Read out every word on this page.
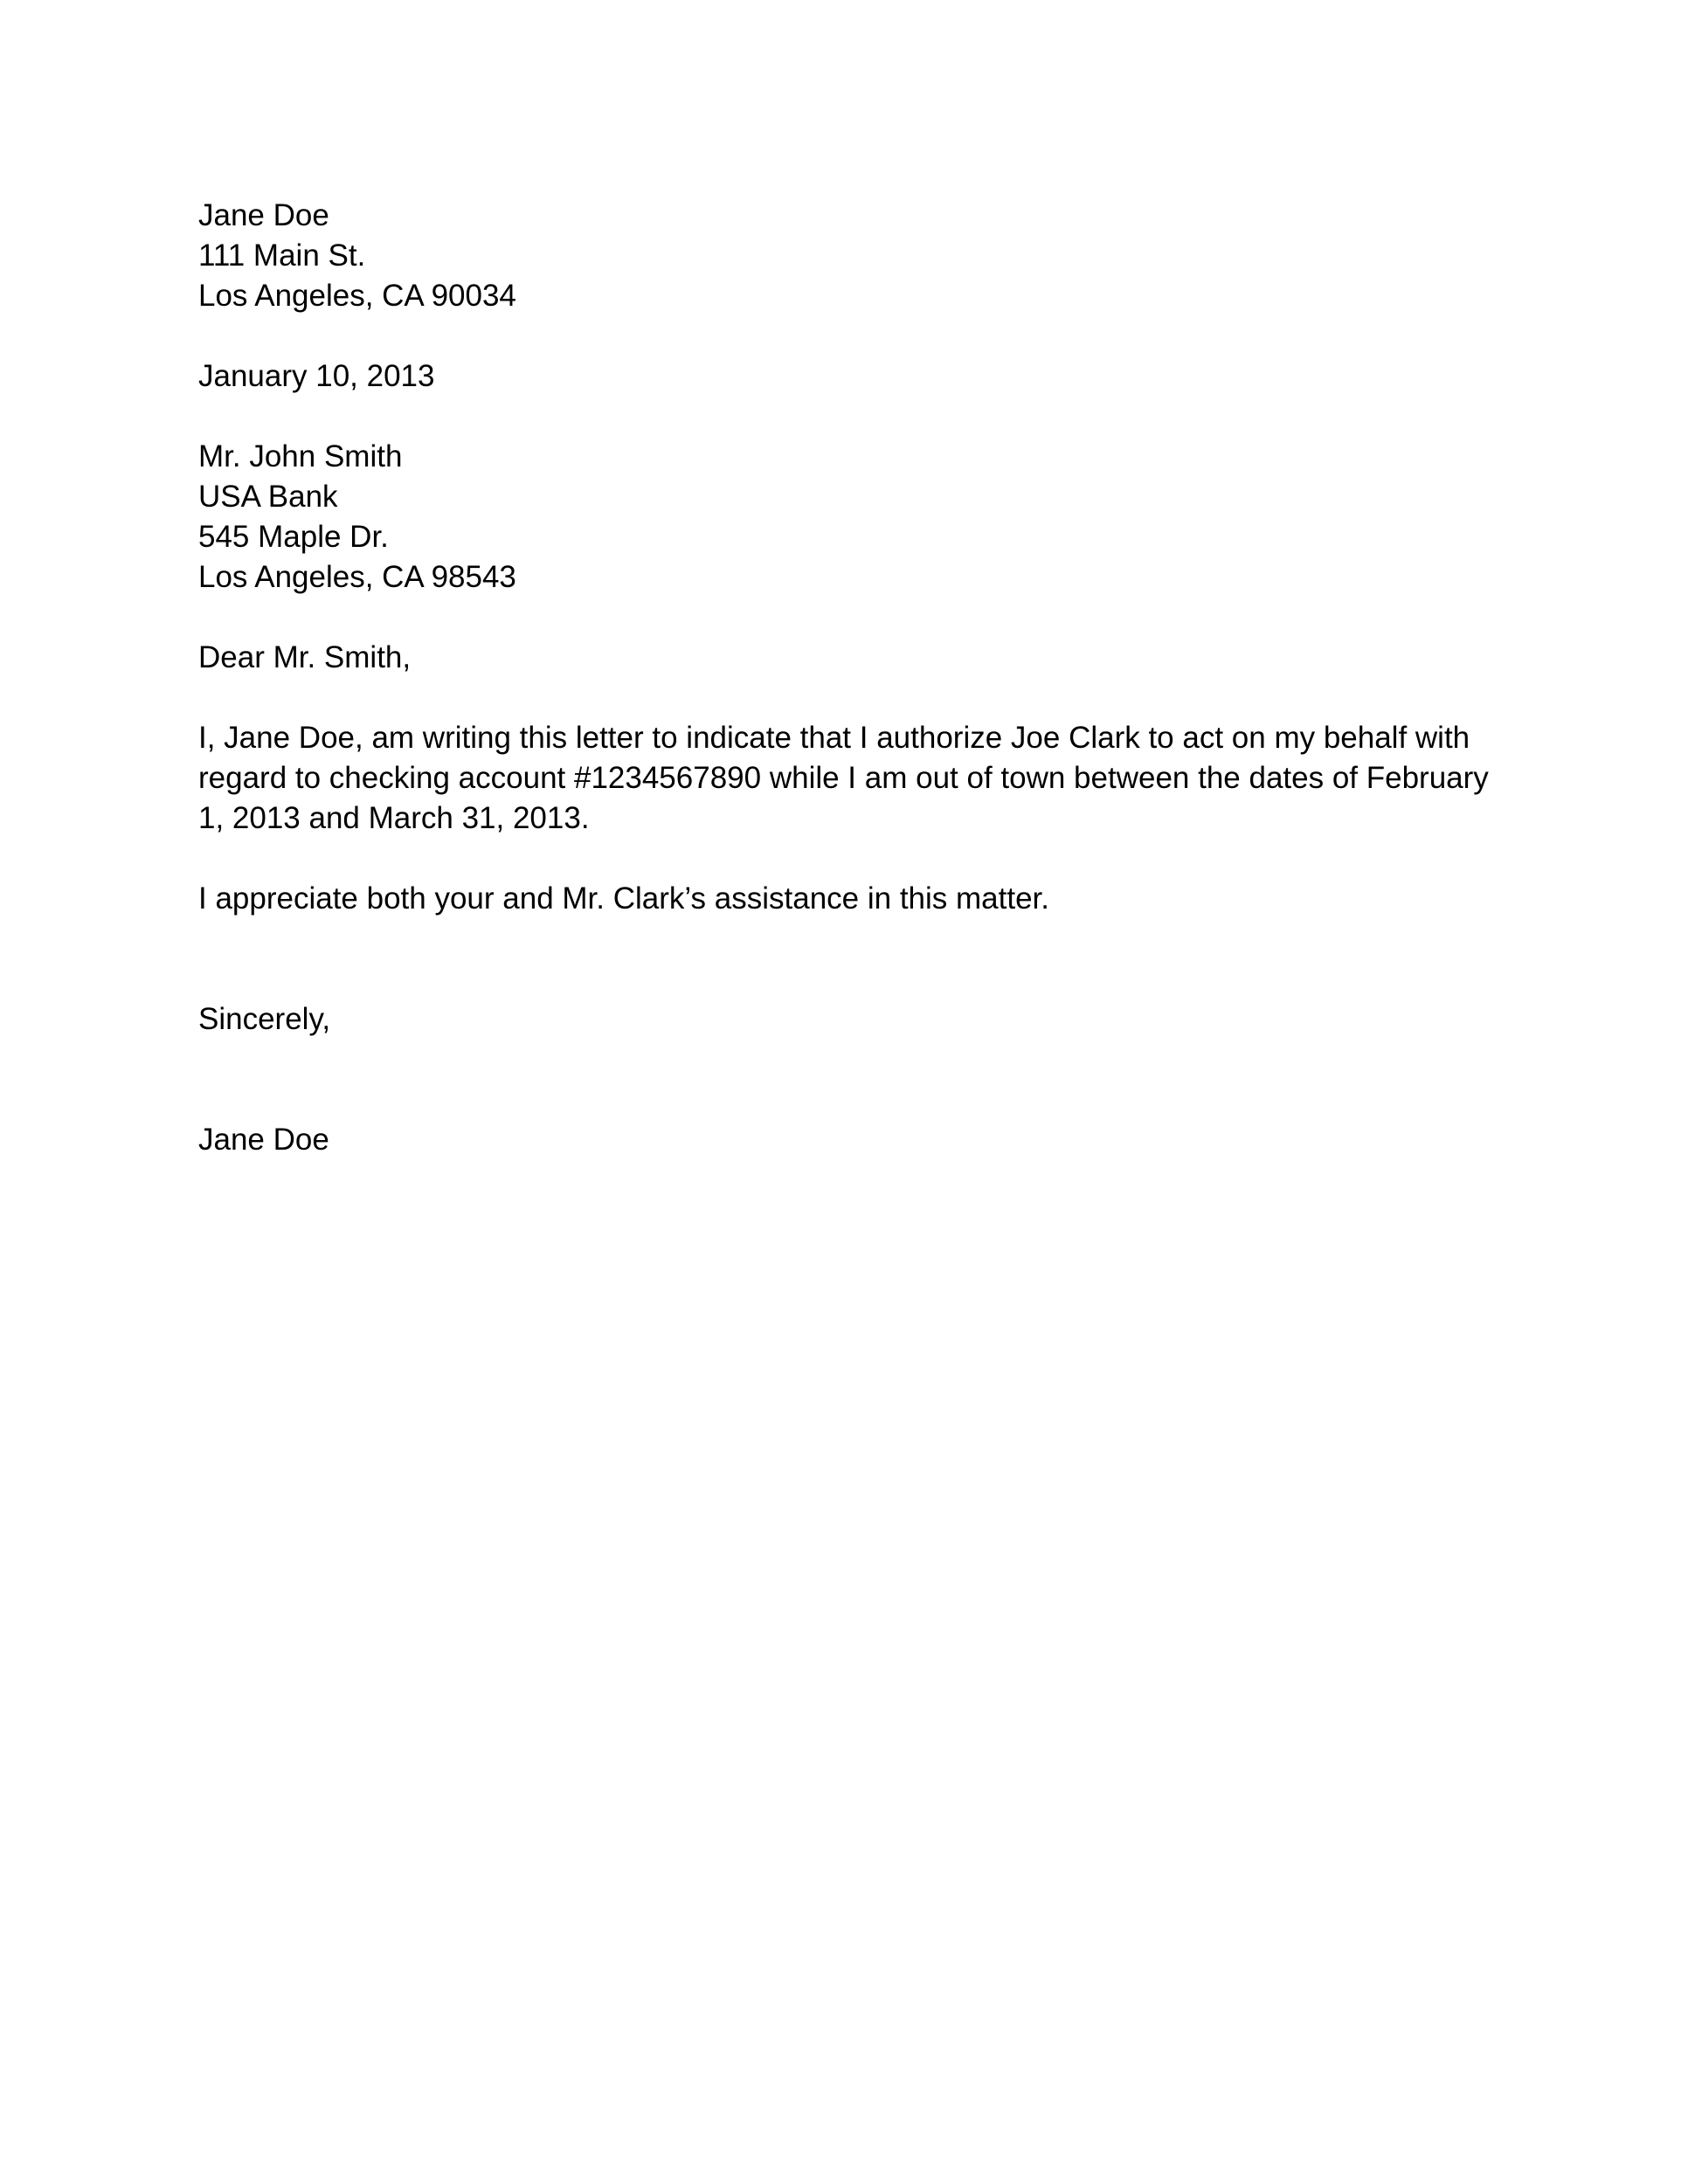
Jane Doe
111 Main St.
Los Angeles, CA 90034
January 10, 2013
Mr. John Smith
USA Bank
545 Maple Dr.
Los Angeles, CA 98543
Dear Mr. Smith,
I, Jane Doe, am writing this letter to indicate that I authorize Joe Clark to act on my behalf with
regard to checking account #1234567890 while I am out of town between the dates of February
1, 2013 and March 31, 2013.
I appreciate both your and Mr. Clark’s assistance in this matter.
Sincerely,
Jane Doe
